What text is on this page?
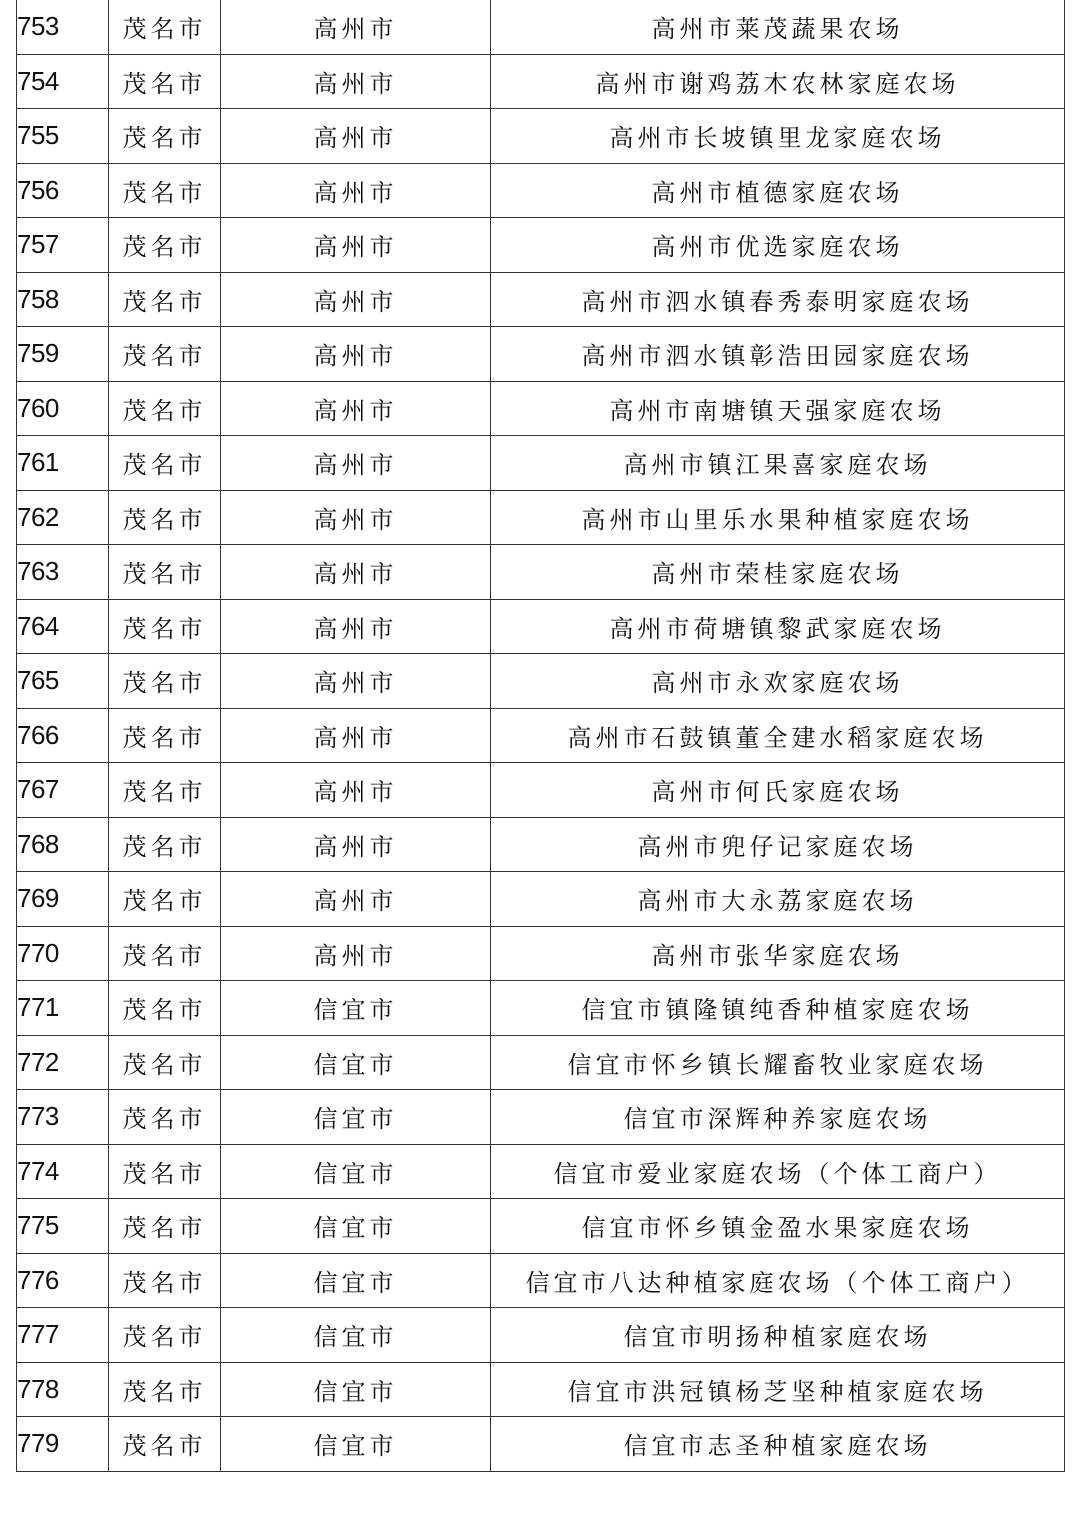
753	茂名市	高州市	高州市莱茂蔬果农场
754	茂名市	高州市	高州市谢鸡荔木农林家庭农场
755	茂名市	高州市	高州市长坡镇里龙家庭农场
756	茂名市	高州市	高州市植德家庭农场
757	茂名市	高州市	高州市优选家庭农场
758	茂名市	高州市	高州市泗水镇春秀泰明家庭农场
759	茂名市	高州市	高州市泗水镇彰浩田园家庭农场
760	茂名市	高州市	高州市南塘镇天强家庭农场
761	茂名市	高州市	高州市镇江果喜家庭农场
762	茂名市	高州市	高州市山里乐水果种植家庭农场
763	茂名市	高州市	高州市荣桂家庭农场
764	茂名市	高州市	高州市荷塘镇黎武家庭农场
765	茂名市	高州市	高州市永欢家庭农场
766	茂名市	高州市	高州市石鼓镇董全建水稻家庭农场
767	茂名市	高州市	高州市何氏家庭农场
768	茂名市	高州市	高州市兜仔记家庭农场
769	茂名市	高州市	高州市大永荔家庭农场
770	茂名市	高州市	高州市张华家庭农场
771	茂名市	信宜市	信宜市镇隆镇纯香种植家庭农场
772	茂名市	信宜市	信宜市怀乡镇长耀畜牧业家庭农场
773	茂名市	信宜市	信宜市深辉种养家庭农场
774	茂名市	信宜市	信宜市爱业家庭农场（个体工商户）
775	茂名市	信宜市	信宜市怀乡镇金盈水果家庭农场
776	茂名市	信宜市	信宜市八达种植家庭农场（个体工商户）
777	茂名市	信宜市	信宜市明扬种植家庭农场
778	茂名市	信宜市	信宜市洪冠镇杨芝坚种植家庭农场
779	茂名市	信宜市	信宜市志圣种植家庭农场
